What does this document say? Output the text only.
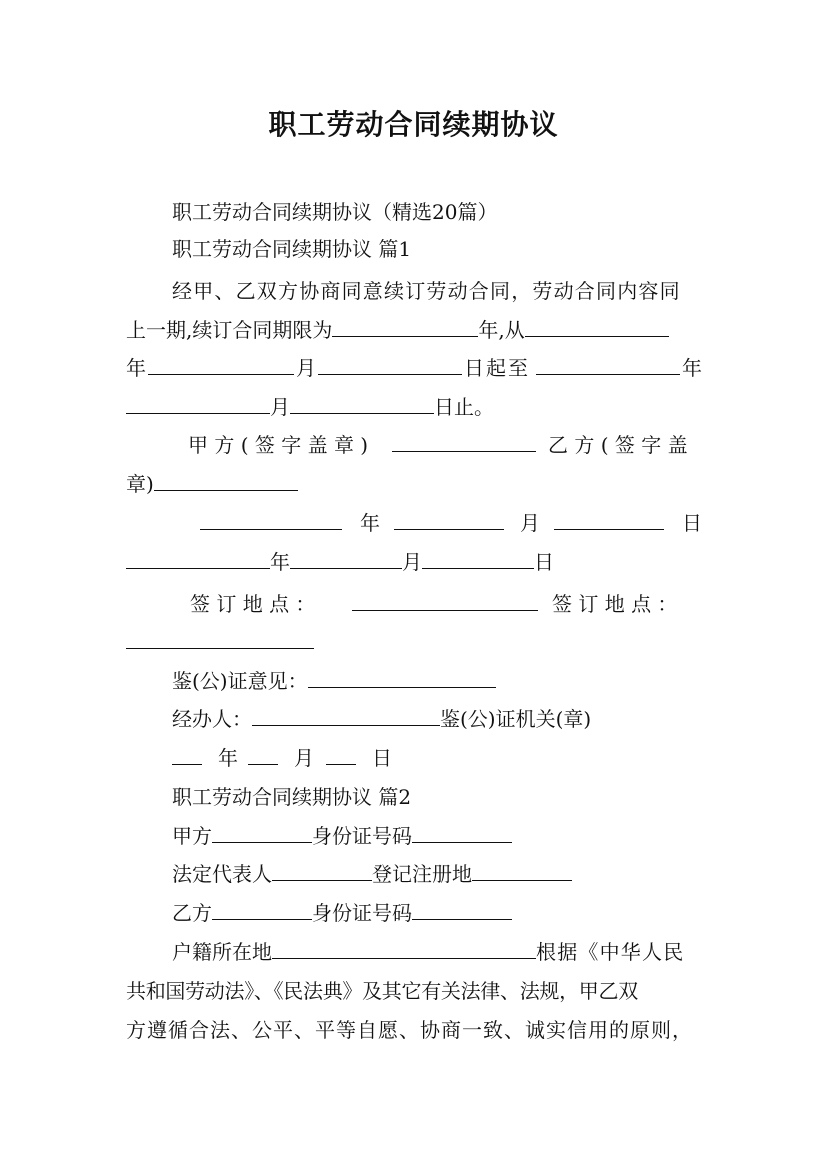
职工劳动合同续期协议
职工劳动合同续期协议（精选20篇）
职工劳动合同续期协议 篇1
经甲、乙双方协商同意续订劳动合同，劳动合同内容同
上一期,续订合同期限为	年,从
年	月	日起至	年
月	日止。
甲 方 ( 签 字 盖 章 )	乙 方 ( 签 字 盖
章)
年	月	日
年	月	日
签 订 地 点 ：	签 订 地 点 ：
鉴(公)证意见：
经办人：	鉴(公)证机关(章)
年	月	日
职工劳动合同续期协议 篇2
甲方	身份证号码
法定代表人	登记注册地
乙方	身份证号码
户籍所在地	根据《中华人民
共和国劳动法》、《民法典》及其它有关法律、法规，甲乙双
方遵循合法、公平、平等自愿、协商一致、诚实信用的原则，
